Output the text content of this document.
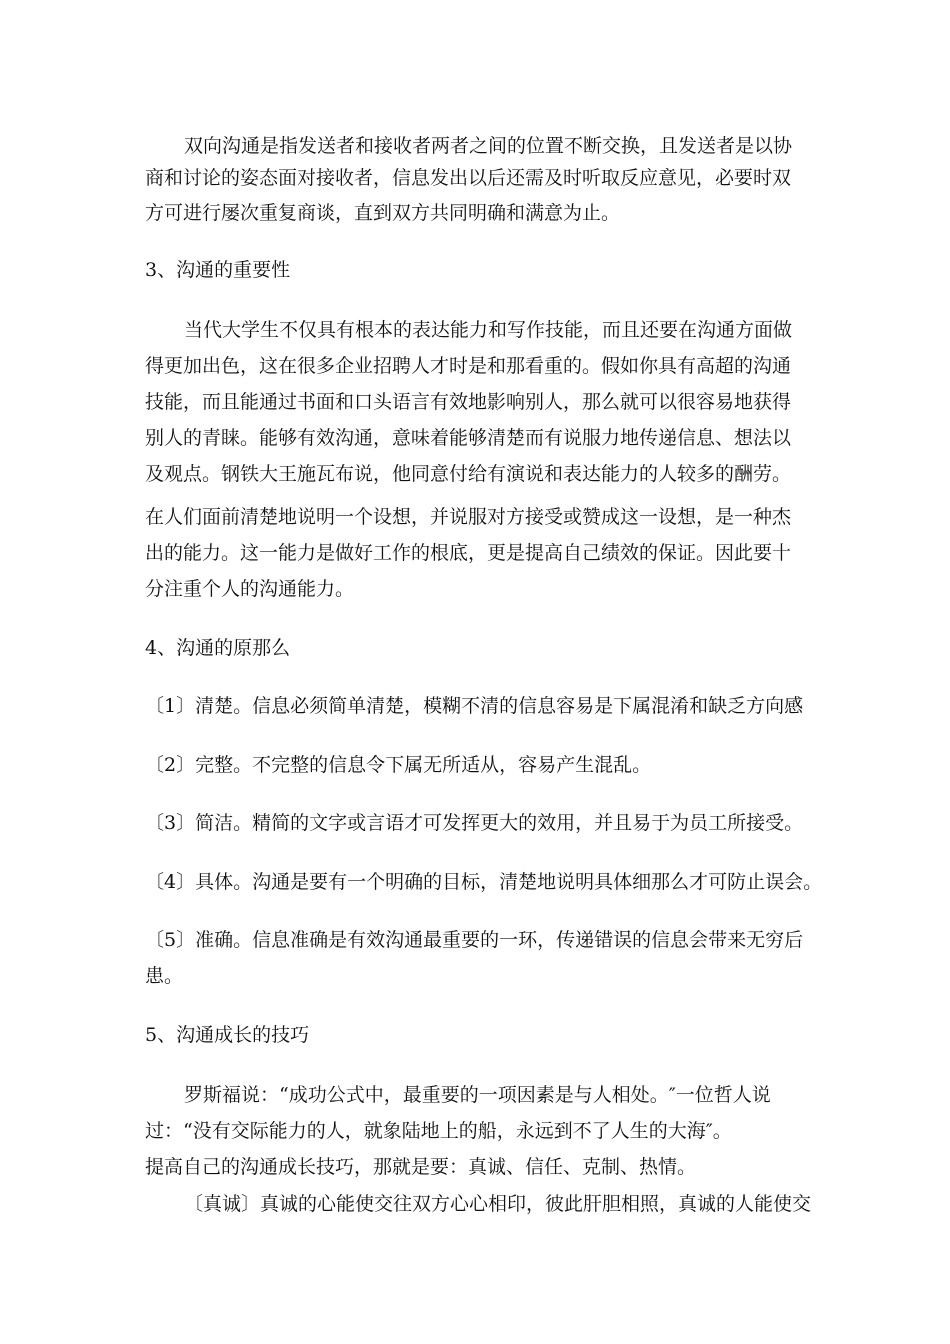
双向沟通是指发送者和接收者两者之间的位置不断交换，且发送者是以协
商和讨论的姿态面对接收者，信息发出以后还需及时听取反应意见，必要时双
方可进行屡次重复商谈，直到双方共同明确和满意为止。
3、沟通的重要性
当代大学生不仅具有根本的表达能力和写作技能，而且还要在沟通方面做
得更加出色，这在很多企业招聘人才时是和那看重的。假如你具有高超的沟通
技能，而且能通过书面和口头语言有效地影响别人，那么就可以很容易地获得
别人的青睐。能够有效沟通，意味着能够清楚而有说服力地传递信息、想法以
及观点。钢铁大王施瓦布说，他同意付给有演说和表达能力的人较多的酬劳。
在人们面前清楚地说明一个设想，并说服对方接受或赞成这一设想，是一种杰
出的能力。这一能力是做好工作的根底，更是提高自己绩效的保证。因此要十
分注重个人的沟通能力。
4、沟通的原那么
〔1〕清楚。信息必须简单清楚，模糊不清的信息容易是下属混淆和缺乏方向感
〔2〕完整。不完整的信息令下属无所适从，容易产生混乱。
〔3〕简洁。精简的文字或言语才可发挥更大的效用，并且易于为员工所接受。
〔4〕具体。沟通是要有一个明确的目标，清楚地说明具体细那么才可防止误会。
〔5〕准确。信息准确是有效沟通最重要的一环，传递错误的信息会带来无穷后
患。
5、沟通成长的技巧
罗斯福说：“成功公式中，最重要的一项因素是与人相处。″一位哲人说
过：“没有交际能力的人，就象陆地上的船，永远到不了人生的大海″。
提高自己的沟通成长技巧，那就是要：真诚、信任、克制、热情。
〔真诚〕真诚的心能使交往双方心心相印，彼此肝胆相照，真诚的人能使交
